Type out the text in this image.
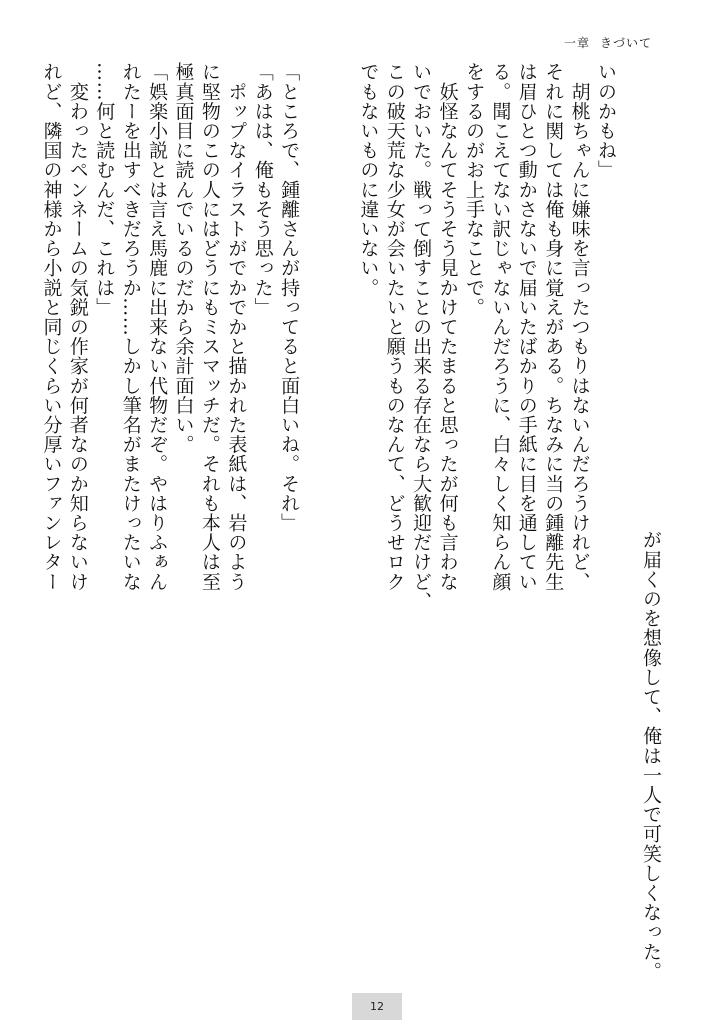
一章 きづいて
いのかもね」
　胡桃ちゃんに嫌味を言ったつもりはないんだろうけれど、
それに関しては俺も身に覚えがある。ちなみに当の鍾離先生
は眉ひとつ動かさないで届いたばかりの手紙に目を通してい
る。聞こえてない訳じゃないんだろうに、白々しく知らん顔
をするのがお上手なことで。
　妖怪なんてそうそう見かけてたまると思ったが何も言わな
いでおいた。戦って倒すことの出来る存在なら大歓迎だけど、
この破天荒な少女が会いたいと願うものなんて、どうせロク
でもないものに違いない。

「ところで、鍾離さんが持ってると面白いね。それ」
「あはは、俺もそう思った」
　ポップなイラストがでかでかと描かれた表紙は、岩のよう
に堅物のこの人にはどうにもミスマッチだ。それも本人は至
極真面目に読んでいるのだから余計面白い。
「娯楽小説とは言え馬鹿に出来ない代物だぞ。やはりふぁん
れたーを出すべきだろうか……しかし筆名がまたけったいな
……何と読むんだ、これは」
　変わったペンネームの気鋭の作家が何者なのか知らないけ
れど、隣国の神様から小説と同じくらい分厚いファンレター
が届くのを想像して、俺は一人で可笑しくなった。
12
